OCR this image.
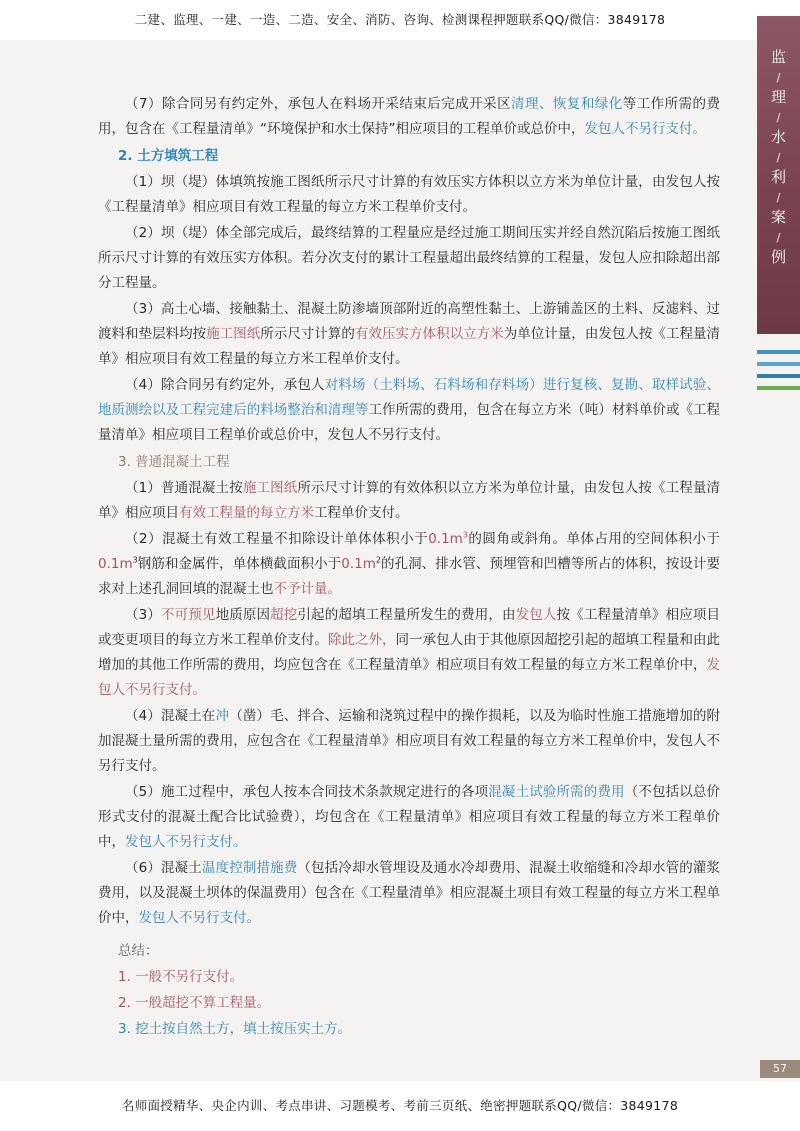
二建、监理、一建、一造、二造、安全、消防、咨询、检测课程押题联系QQ/微信：3849178
监
/
理
/
水
/
利
/
案
/
例

（7）除合同另有约定外，承包人在料场开采结束后完成开采区清理、恢复和绿化等工作所需的费用，包含在《工程量清单》“环境保护和水土保持”相应项目的工程单价或总价中，发包人不另行支付。

2. 土方填筑工程

（1）坝（堤）体填筑按施工图纸所示尺寸计算的有效压实方体积以立方米为单位计量，由发包人按《工程量清单》相应项目有效工程量的每立方米工程单价支付。

（2）坝（堤）体全部完成后，最终结算的工程量应是经过施工期间压实并经自然沉陷后按施工图纸所示尺寸计算的有效压实方体积。若分次支付的累计工程量超出最终结算的工程量，发包人应扣除超出部分工程量。

（3）高土心墙、接触黏土、混凝土防渗墙顶部附近的高塑性黏土、上游铺盖区的土料、反滤料、过渡料和垫层料均按施工图纸所示尺寸计算的有效压实方体积以立方米为单位计量，由发包人按《工程量清单》相应项目有效工程量的每立方米工程单价支付。

（4）除合同另有约定外，承包人对料场（土料场、石料场和存料场）进行复核、复勘、取样试验、地质测绘以及工程完建后的料场整治和清理等工作所需的费用，包含在每立方米（吨）材料单价或《工程量清单》相应项目工程单价或总价中，发包人不另行支付。

3. 普通混凝土工程

（1）普通混凝土按施工图纸所示尺寸计算的有效体积以立方米为单位计量，由发包人按《工程量清单》相应项目有效工程量的每立方米工程单价支付。

（2）混凝土有效工程量不扣除设计单体体积小于$0.1m^3$的圆角或斜角。单体占用的空间体积小于$0.1m^3$钢筋和金属件，单体横截面积小于$0.1m^2$的孔洞、排水管、预埋管和凹槽等所占的体积，按设计要求对上述孔洞回填的混凝土也不予计量。

（3）不可预见地质原因超挖引起的超填工程量所发生的费用，由发包人按《工程量清单》相应项目或变更项目的每立方米工程单价支付。除此之外，同一承包人由于其他原因超挖引起的超填工程量和由此增加的其他工作所需的费用，均应包含在《工程量清单》相应项目有效工程量的每立方米工程单价中，发包人不另行支付。

（4）混凝土在冲（凿）毛、拌合、运输和浇筑过程中的操作损耗，以及为临时性施工措施增加的附加混凝土量所需的费用，应包含在《工程量清单》相应项目有效工程量的每立方米工程单价中，发包人不另行支付。

（5）施工过程中，承包人按本合同技术条款规定进行的各项混凝土试验所需的费用（不包括以总价形式支付的混凝土配合比试验费），均包含在《工程量清单》相应项目有效工程量的每立方米工程单价中，发包人不另行支付。

（6）混凝土温度控制措施费（包括冷却水管埋设及通水冷却费用、混凝土收缩缝和冷却水管的灌浆费用，以及混凝土坝体的保温费用）包含在《工程量清单》相应混凝土项目有效工程量的每立方米工程单价中，发包人不另行支付。

总结：
1. 一般不另行支付。
2. 一般超挖不算工程量。
3. 挖土按自然土方，填土按压实土方。
57
名师面授精华、央企内训、考点串讲、习题模考、考前三页纸、绝密押题联系QQ/微信：3849178
